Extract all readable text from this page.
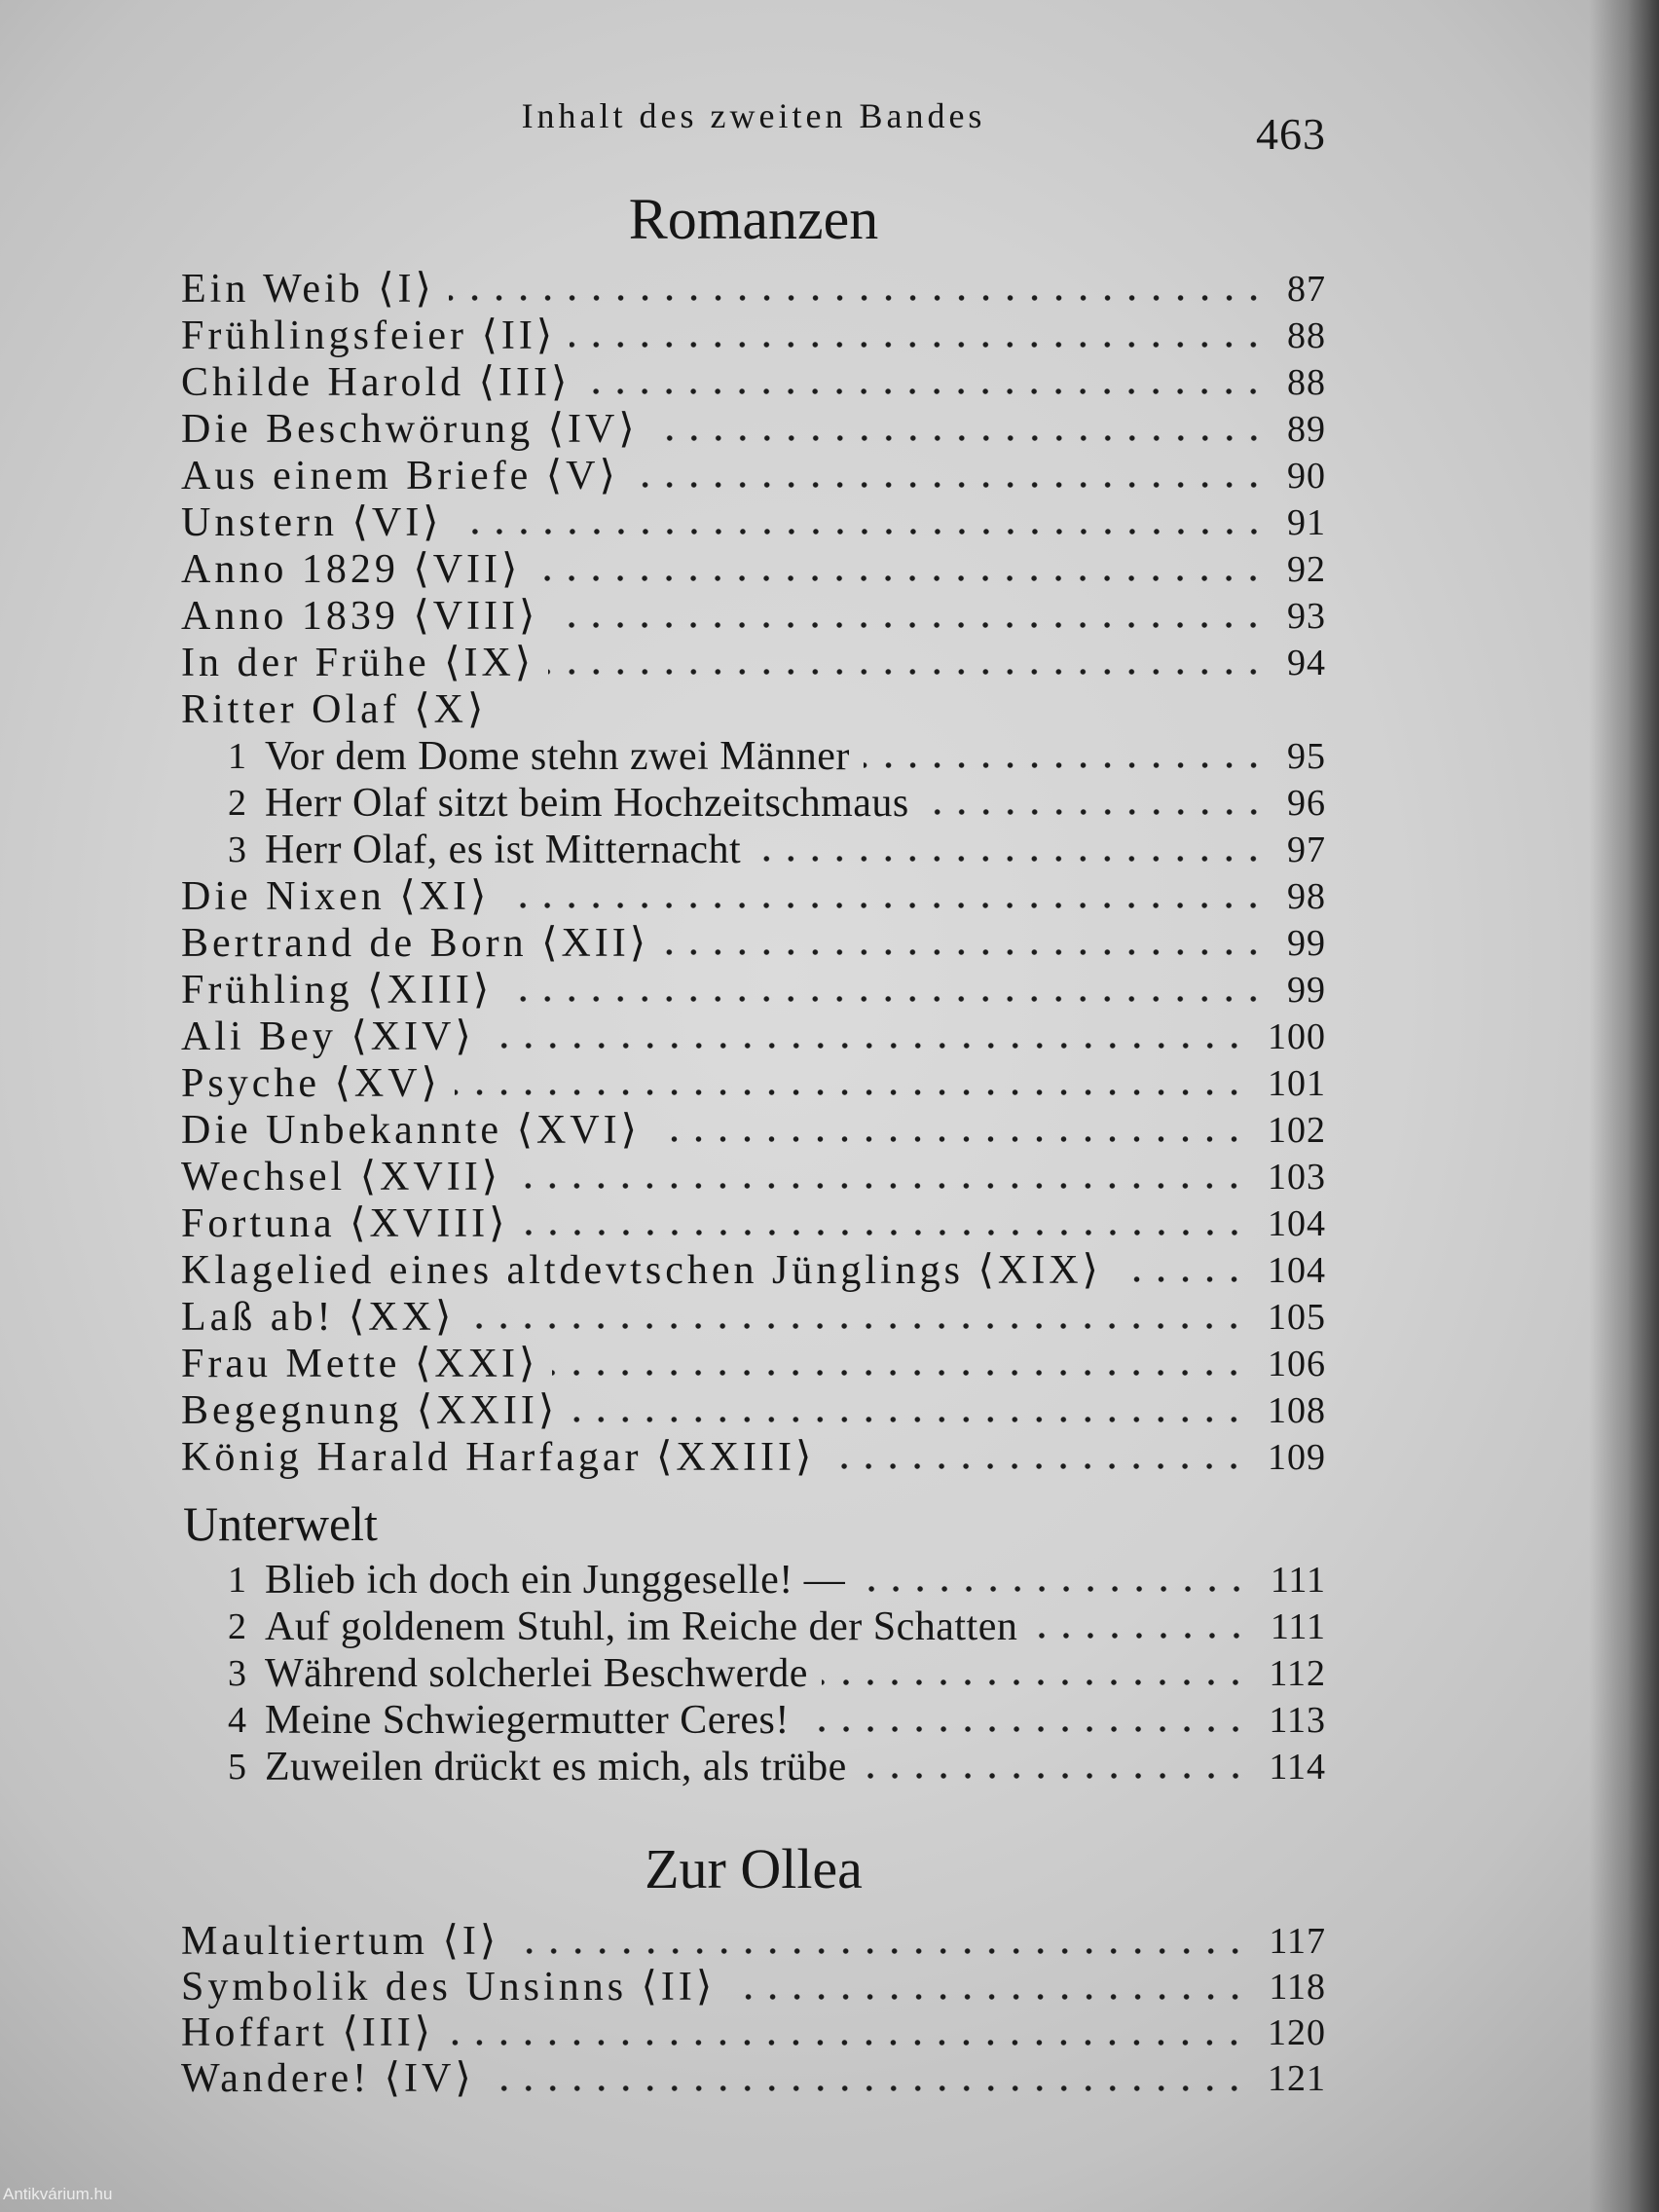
Inhalt des zweiten Bandes	463
Romanzen
Ein Weib ⟨I⟩	87
Frühlingsfeier ⟨II⟩	88
Childe Harold ⟨III⟩	88
Die Beschwörung ⟨IV⟩	89
Aus einem Briefe ⟨V⟩	90
Unstern ⟨VI⟩	91
Anno 1829 ⟨VII⟩	92
Anno 1839 ⟨VIII⟩	93
In der Frühe ⟨IX⟩	94
Ritter Olaf ⟨X⟩
1 Vor dem Dome stehn zwei Männer	95
2 Herr Olaf sitzt beim Hochzeitschmaus	96
3 Herr Olaf, es ist Mitternacht	97
Die Nixen ⟨XI⟩	98
Bertrand de Born ⟨XII⟩	99
Frühling ⟨XIII⟩	99
Ali Bey ⟨XIV⟩	100
Psyche ⟨XV⟩	101
Die Unbekannte ⟨XVI⟩	102
Wechsel ⟨XVII⟩	103
Fortuna ⟨XVIII⟩	104
Klagelied eines altdevtschen Jünglings ⟨XIX⟩	104
Laß ab! ⟨XX⟩	105
Frau Mette ⟨XXI⟩	106
Begegnung ⟨XXII⟩	108
König Harald Harfagar ⟨XXIII⟩	109
Unterwelt
1 Blieb ich doch ein Junggeselle! —	111
2 Auf goldenem Stuhl, im Reiche der Schatten	111
3 Während solcherlei Beschwerde	112
4 Meine Schwiegermutter Ceres!	113
5 Zuweilen drückt es mich, als trübe	114
Zur Ollea
Maultiertum ⟨I⟩	117
Symbolik des Unsinns ⟨II⟩	118
Hoffart ⟨III⟩	120
Wandere! ⟨IV⟩	121
Antikvárium.hu
